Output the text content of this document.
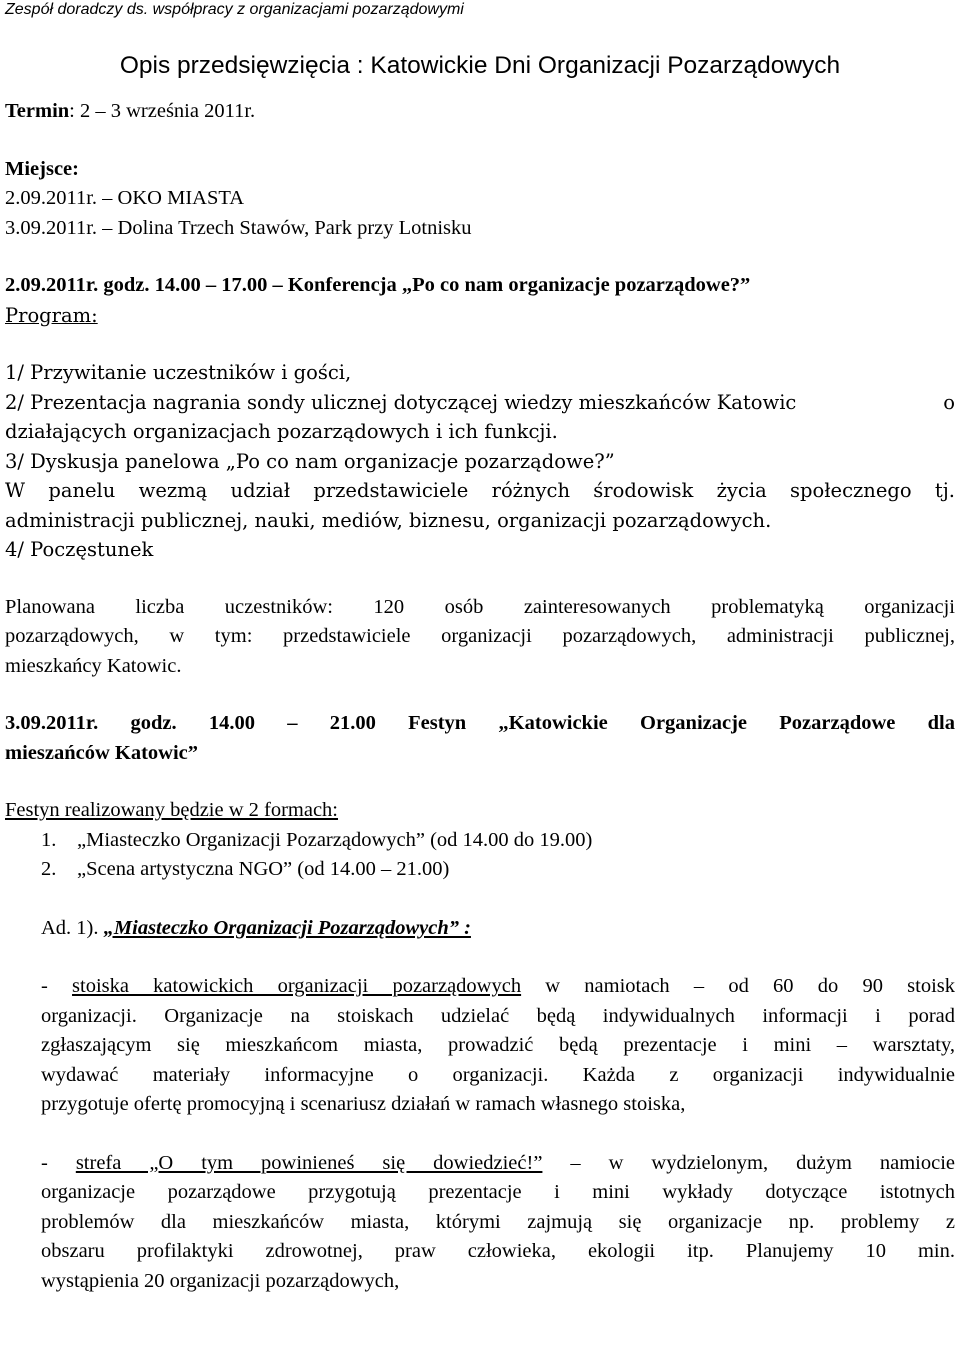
Zespół doradczy ds. współpracy z organizacjami pozarządowymi
Opis przedsięwzięcia : Katowickie Dni Organizacji Pozarządowych
Termin: 2 – 3 września 2011r.
Miejsce:
2.09.2011r. – OKO MIASTA
3.09.2011r. – Dolina Trzech Stawów, Park przy Lotnisku
2.09.2011r. godz. 14.00 – 17.00 – Konferencja „Po co nam organizacje pozarządowe?”
Program:
1/ Przywitanie uczestników i gości,
2/ Prezentacja nagrania sondy ulicznej dotyczącej wiedzy mieszkańców Katowic	o
działających organizacjach pozarządowych i ich funkcji.
3/ Dyskusja panelowa „Po co nam organizacje pozarządowe?”
W panelu wezmą udział przedstawiciele różnych środowisk życia społecznego tj.
administracji publicznej, nauki, mediów, biznesu, organizacji pozarządowych.
4/ Poczęstunek
Planowana liczba uczestników: 120 osób zainteresowanych problematyką organizacji
pozarządowych, w tym: przedstawiciele organizacji pozarządowych, administracji publicznej,
mieszkańcy Katowic.
3.09.2011r. godz. 14.00 – 21.00 Festyn „Katowickie Organizacje Pozarządowe dla
mieszańców Katowic”
Festyn realizowany będzie w 2 formach:
1. „Miasteczko Organizacji Pozarządowych” (od 14.00 do 19.00)
2. „Scena artystyczna NGO” (od 14.00 – 21.00)
Ad. 1). „Miasteczko Organizacji Pozarządowych” :
- stoiska katowickich organizacji pozarządowych w namiotach – od 60 do 90 stoisk
organizacji. Organizacje na stoiskach udzielać będą indywidualnych informacji i porad
zgłaszającym się mieszkańcom miasta, prowadzić będą prezentacje i mini – warsztaty,
wydawać materiały informacyjne o organizacji. Każda z organizacji indywidualnie
przygotuje ofertę promocyjną i scenariusz działań w ramach własnego stoiska,
- strefa „O tym powinieneś się dowiedzieć!” – w wydzielonym, dużym namiocie
organizacje pozarządowe przygotują prezentacje i mini wykłady dotyczące istotnych
problemów dla mieszkańców miasta, którymi zajmują się organizacje np. problemy z
obszaru profilaktyki zdrowotnej, praw człowieka, ekologii itp. Planujemy 10 min.
wystąpienia 20 organizacji pozarządowych,
